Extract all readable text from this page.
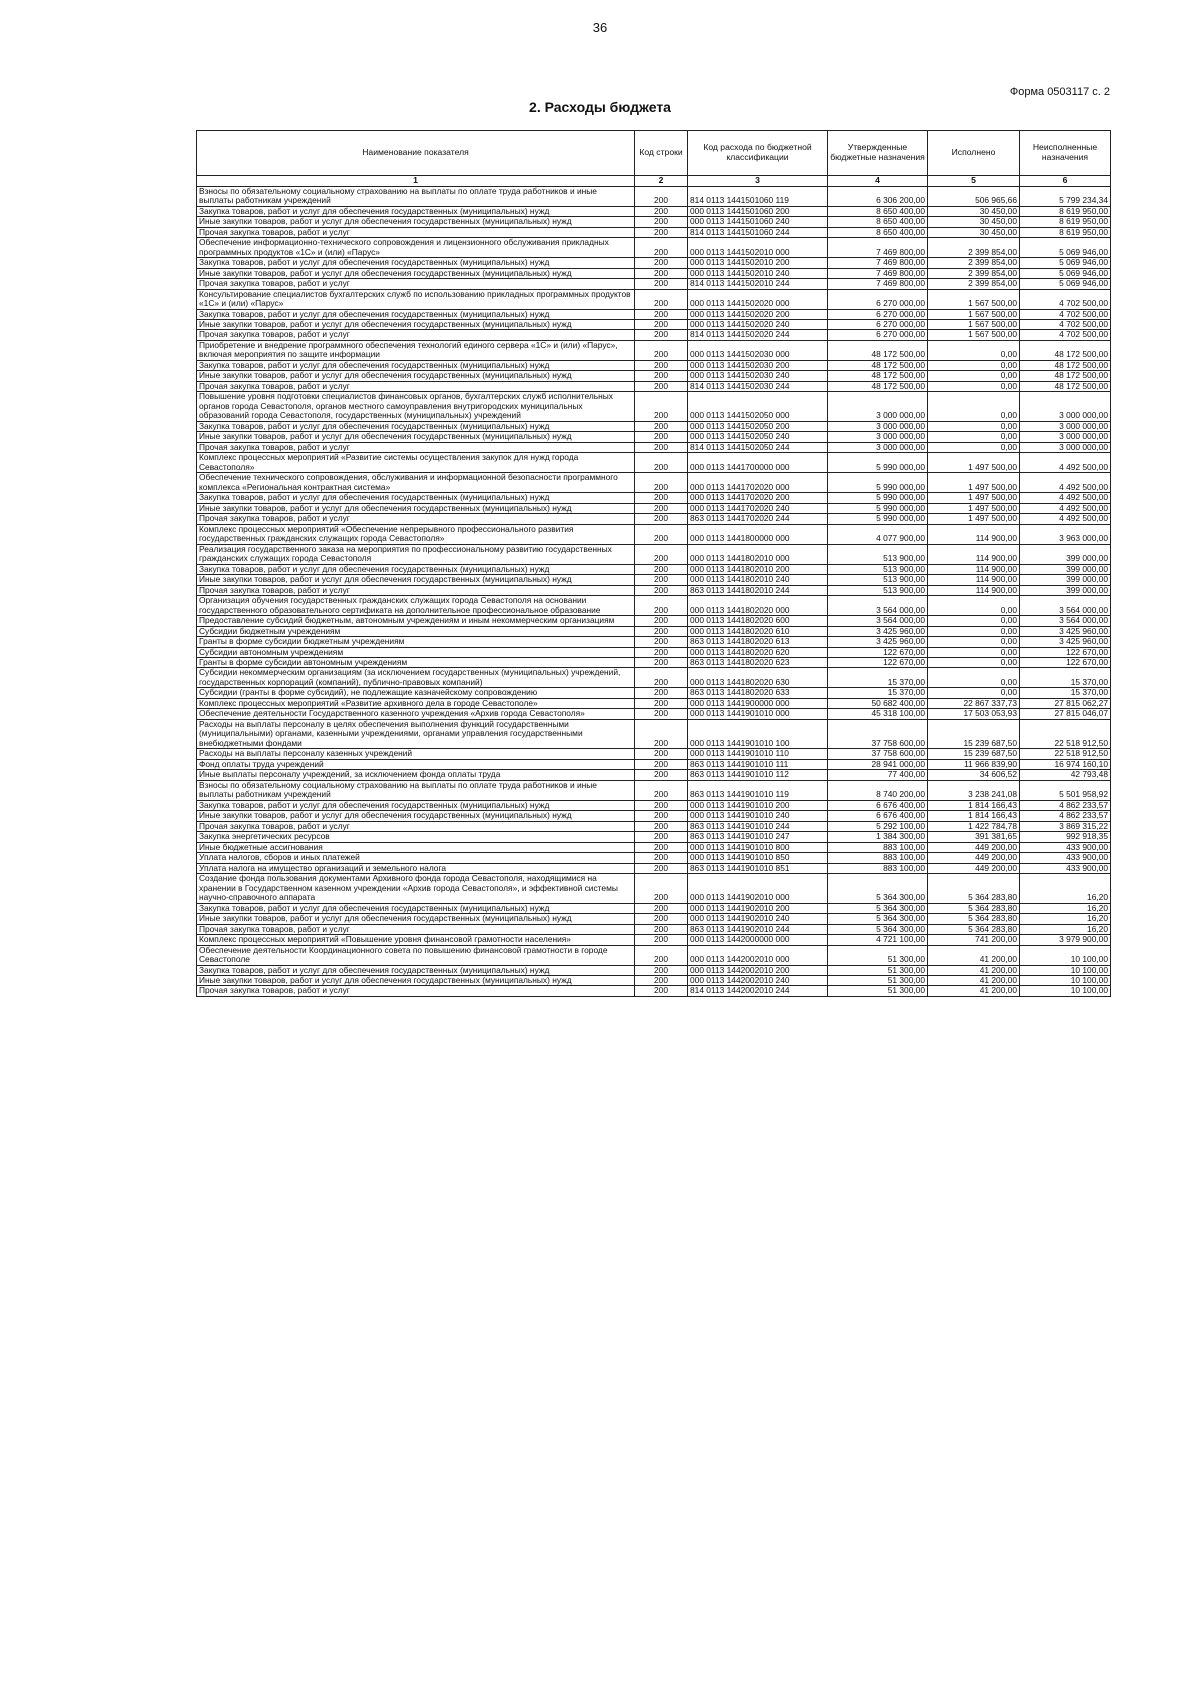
36
Форма 0503117 с. 2
2. Расходы бюджета
Наименование показателя	Код строки	Код расхода по бюджетной классификации	Утвержденные бюджетные назначения	Исполнено	Неисполненные назначения
1	2	3	4	5	6
Взносы по обязательному социальному страхованию на выплаты по оплате труда работников и иные выплаты работникам учреждений	200	814 0113 1441501060 119	6 306 200,00	506 965,66	5 799 234,34
Закупка товаров, работ и услуг для обеспечения государственных (муниципальных) нужд	200	000 0113 1441501060 200	8 650 400,00	30 450,00	8 619 950,00
Иные закупки товаров, работ и услуг для обеспечения государственных (муниципальных) нужд	200	000 0113 1441501060 240	8 650 400,00	30 450,00	8 619 950,00
Прочая закупка товаров, работ и услуг	200	814 0113 1441501060 244	8 650 400,00	30 450,00	8 619 950,00
Обеспечение информационно-технического сопровождения и лицензионного обслуживания прикладных программных продуктов «1С» и (или) «Парус»	200	000 0113 1441502010 000	7 469 800,00	2 399 854,00	5 069 946,00
Закупка товаров, работ и услуг для обеспечения государственных (муниципальных) нужд	200	000 0113 1441502010 200	7 469 800,00	2 399 854,00	5 069 946,00
Иные закупки товаров, работ и услуг для обеспечения государственных (муниципальных) нужд	200	000 0113 1441502010 240	7 469 800,00	2 399 854,00	5 069 946,00
Прочая закупка товаров, работ и услуг	200	814 0113 1441502010 244	7 469 800,00	2 399 854,00	5 069 946,00
Консультирование специалистов бухгалтерских служб по использованию прикладных программных продуктов «1С» и (или) «Парус»	200	000 0113 1441502020 000	6 270 000,00	1 567 500,00	4 702 500,00
Закупка товаров, работ и услуг для обеспечения государственных (муниципальных) нужд	200	000 0113 1441502020 200	6 270 000,00	1 567 500,00	4 702 500,00
Иные закупки товаров, работ и услуг для обеспечения государственных (муниципальных) нужд	200	000 0113 1441502020 240	6 270 000,00	1 567 500,00	4 702 500,00
Прочая закупка товаров, работ и услуг	200	814 0113 1441502020 244	6 270 000,00	1 567 500,00	4 702 500,00
Приобретение и внедрение программного обеспечения технологий единого сервера «1С» и (или) «Парус», включая мероприятия по защите информации	200	000 0113 1441502030 000	48 172 500,00	0,00	48 172 500,00
Закупка товаров, работ и услуг для обеспечения государственных (муниципальных) нужд	200	000 0113 1441502030 200	48 172 500,00	0,00	48 172 500,00
Иные закупки товаров, работ и услуг для обеспечения государственных (муниципальных) нужд	200	000 0113 1441502030 240	48 172 500,00	0,00	48 172 500,00
Прочая закупка товаров, работ и услуг	200	814 0113 1441502030 244	48 172 500,00	0,00	48 172 500,00
Повышение уровня подготовки специалистов финансовых органов, бухгалтерских служб исполнительных органов города Севастополя, органов местного самоуправления внутригородских муниципальных образований города Севастополя, государственных (муниципальных) учреждений	200	000 0113 1441502050 000	3 000 000,00	0,00	3 000 000,00
Закупка товаров, работ и услуг для обеспечения государственных (муниципальных) нужд	200	000 0113 1441502050 200	3 000 000,00	0,00	3 000 000,00
Иные закупки товаров, работ и услуг для обеспечения государственных (муниципальных) нужд	200	000 0113 1441502050 240	3 000 000,00	0,00	3 000 000,00
Прочая закупка товаров, работ и услуг	200	814 0113 1441502050 244	3 000 000,00	0,00	3 000 000,00
Комплекс процессных мероприятий «Развитие системы осуществления закупок для нужд города Севастополя»	200	000 0113 1441700000 000	5 990 000,00	1 497 500,00	4 492 500,00
Обеспечение технического сопровождения, обслуживания и информационной безопасности программного комплекса «Региональная контрактная система»	200	000 0113 1441702020 000	5 990 000,00	1 497 500,00	4 492 500,00
Закупка товаров, работ и услуг для обеспечения государственных (муниципальных) нужд	200	000 0113 1441702020 200	5 990 000,00	1 497 500,00	4 492 500,00
Иные закупки товаров, работ и услуг для обеспечения государственных (муниципальных) нужд	200	000 0113 1441702020 240	5 990 000,00	1 497 500,00	4 492 500,00
Прочая закупка товаров, работ и услуг	200	863 0113 1441702020 244	5 990 000,00	1 497 500,00	4 492 500,00
Комплекс процессных мероприятий «Обеспечение непрерывного профессионального развития государственных гражданских служащих города Севастополя»	200	000 0113 1441800000 000	4 077 900,00	114 900,00	3 963 000,00
Реализация государственного заказа на мероприятия по профессиональному развитию государственных гражданских служащих города Севастополя	200	000 0113 1441802010 000	513 900,00	114 900,00	399 000,00
Закупка товаров, работ и услуг для обеспечения государственных (муниципальных) нужд	200	000 0113 1441802010 200	513 900,00	114 900,00	399 000,00
Иные закупки товаров, работ и услуг для обеспечения государственных (муниципальных) нужд	200	000 0113 1441802010 240	513 900,00	114 900,00	399 000,00
Прочая закупка товаров, работ и услуг	200	863 0113 1441802010 244	513 900,00	114 900,00	399 000,00
Организация обучения государственных гражданских служащих города Севастополя на основании государственного образовательного сертификата на дополнительное профессиональное образование	200	000 0113 1441802020 000	3 564 000,00	0,00	3 564 000,00
Предоставление субсидий бюджетным, автономным учреждениям и иным некоммерческим организациям	200	000 0113 1441802020 600	3 564 000,00	0,00	3 564 000,00
Субсидии бюджетным учреждениям	200	000 0113 1441802020 610	3 425 960,00	0,00	3 425 960,00
Гранты в форме субсидии бюджетным учреждениям	200	863 0113 1441802020 613	3 425 960,00	0,00	3 425 960,00
Субсидии автономным учреждениям	200	000 0113 1441802020 620	122 670,00	0,00	122 670,00
Гранты в форме субсидии автономным учреждениям	200	863 0113 1441802020 623	122 670,00	0,00	122 670,00
Субсидии некоммерческим организациям (за исключением государственных (муниципальных) учреждений, государственных корпораций (компаний), публично-правовых компаний)	200	000 0113 1441802020 630	15 370,00	0,00	15 370,00
Субсидии (гранты в форме субсидий), не подлежащие казначейскому сопровождению	200	863 0113 1441802020 633	15 370,00	0,00	15 370,00
Комплекс процессных мероприятий «Развитие архивного дела в городе Севастополе»	200	000 0113 1441900000 000	50 682 400,00	22 867 337,73	27 815 062,27
Обеспечение деятельности Государственного казенного учреждения «Архив города Севастополя»	200	000 0113 1441901010 000	45 318 100,00	17 503 053,93	27 815 046,07
Расходы на выплаты персоналу в целях обеспечения выполнения функций государственными (муниципальными) органами, казенными учреждениями, органами управления государственными внебюджетными фондами	200	000 0113 1441901010 100	37 758 600,00	15 239 687,50	22 518 912,50
Расходы на выплаты персоналу казенных учреждений	200	000 0113 1441901010 110	37 758 600,00	15 239 687,50	22 518 912,50
Фонд оплаты труда учреждений	200	863 0113 1441901010 111	28 941 000,00	11 966 839,90	16 974 160,10
Иные выплаты персоналу учреждений, за исключением фонда оплаты труда	200	863 0113 1441901010 112	77 400,00	34 606,52	42 793,48
Взносы по обязательному социальному страхованию на выплаты по оплате труда работников и иные выплаты работникам учреждений	200	863 0113 1441901010 119	8 740 200,00	3 238 241,08	5 501 958,92
Закупка товаров, работ и услуг для обеспечения государственных (муниципальных) нужд	200	000 0113 1441901010 200	6 676 400,00	1 814 166,43	4 862 233,57
Иные закупки товаров, работ и услуг для обеспечения государственных (муниципальных) нужд	200	000 0113 1441901010 240	6 676 400,00	1 814 166,43	4 862 233,57
Прочая закупка товаров, работ и услуг	200	863 0113 1441901010 244	5 292 100,00	1 422 784,78	3 869 315,22
Закупка энергетических ресурсов	200	863 0113 1441901010 247	1 384 300,00	391 381,65	992 918,35
Иные бюджетные ассигнования	200	000 0113 1441901010 800	883 100,00	449 200,00	433 900,00
Уплата налогов, сборов и иных платежей	200	000 0113 1441901010 850	883 100,00	449 200,00	433 900,00
Уплата налога на имущество организаций и земельного налога	200	863 0113 1441901010 851	883 100,00	449 200,00	433 900,00
Создание фонда пользования документами Архивного фонда города Севастополя, находящимися на хранении в Государственном казенном учреждении «Архив города Севастополя», и эффективной системы научно-справочного аппарата	200	000 0113 1441902010 000	5 364 300,00	5 364 283,80	16,20
Закупка товаров, работ и услуг для обеспечения государственных (муниципальных) нужд	200	000 0113 1441902010 200	5 364 300,00	5 364 283,80	16,20
Иные закупки товаров, работ и услуг для обеспечения государственных (муниципальных) нужд	200	000 0113 1441902010 240	5 364 300,00	5 364 283,80	16,20
Прочая закупка товаров, работ и услуг	200	863 0113 1441902010 244	5 364 300,00	5 364 283,80	16,20
Комплекс процессных мероприятий «Повышение уровня финансовой грамотности населения»	200	000 0113 1442000000 000	4 721 100,00	741 200,00	3 979 900,00
Обеспечение деятельности Координационного совета по повышению финансовой грамотности в городе Севастополе	200	000 0113 1442002010 000	51 300,00	41 200,00	10 100,00
Закупка товаров, работ и услуг для обеспечения государственных (муниципальных) нужд	200	000 0113 1442002010 200	51 300,00	41 200,00	10 100,00
Иные закупки товаров, работ и услуг для обеспечения государственных (муниципальных) нужд	200	000 0113 1442002010 240	51 300,00	41 200,00	10 100,00
Прочая закупка товаров, работ и услуг	200	814 0113 1442002010 244	51 300,00	41 200,00	10 100,00
